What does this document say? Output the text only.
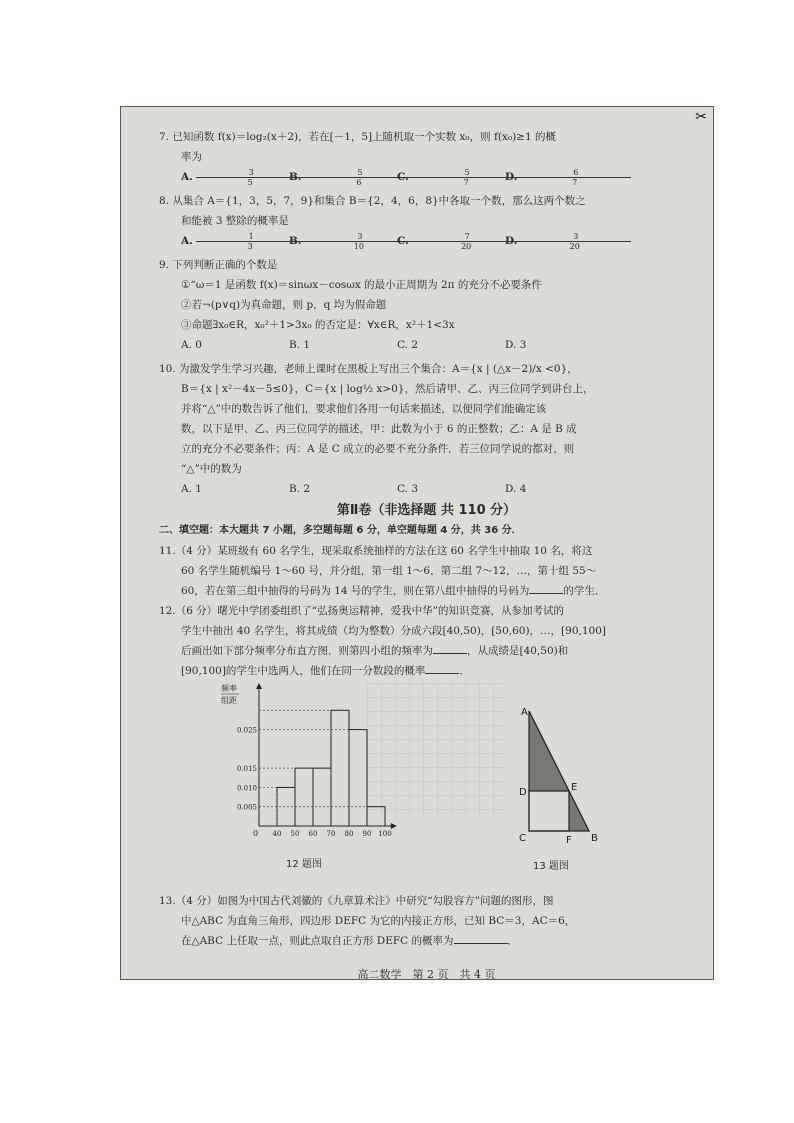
✂
7. 已知函数 f(x)＝log₂(x＋2)，若在[－1，5]上随机取一个实数 x₀，则 f(x₀)≥1 的概
率为
A. $\frac{3}{5}$
B. $\frac{5}{6}$
C. $\frac{5}{7}$
D. $\frac{6}{7}$
8. 从集合 A＝{1，3，5，7，9}和集合 B＝{2，4，6，8}中各取一个数，那么这两个数之
和能被 3 整除的概率是
A. $\frac{1}{3}$
B. $\frac{3}{10}$
C. $\frac{7}{20}$
D. $\frac{3}{20}$
9. 下列判断正确的个数是
①“ω＝1 是函数 f(x)＝sinωx－cosωx 的最小正周期为 2π 的充分不必要条件
②若¬(p∨q)为真命题，则 p，q 均为假命题
③命题∃x₀∈R，x₀²＋1>3x₀ 的否定是：∀x∈R，x²＋1<3x
A. 0	B. 1	C. 2	D. 3
10. 为激发学生学习兴趣，老师上课时在黑板上写出三个集合：A＝{x | (△x－2)/x <0}，
B＝{x | x²－4x－5≤0}，C＝{x | log½ x>0}，然后请甲、乙、丙三位同学到讲台上，
并将“△”中的数告诉了他们，要求他们各用一句话来描述，以便同学们能确定该
数，以下是甲、乙、丙三位同学的描述，甲：此数为小于 6 的正整数；乙：A 是 B 成
立的充分不必要条件；丙：A 是 C 成立的必要不充分条件．若三位同学说的都对，则
“△”中的数为
A. 1	B. 2	C. 3	D. 4
第Ⅱ卷（非选择题 共 110 分）
二、填空题：本大题共 7 小题，多空题每题 6 分，单空题每题 4 分，共 36 分．
11.（4 分）某班级有 60 名学生，现采取系统抽样的方法在这 60 名学生中抽取 10 名，将这
60 名学生随机编号 1～60 号，并分组，第一组 1～6，第二组 7～12，…，第十组 55～
60，若在第三组中抽得的号码为 14 号的学生，则在第八组中抽得的号码为	的学生．
12.（6 分）曙光中学团委组织了“弘扬奥运精神，爱我中华”的知识竞赛，从参加考试的
学生中抽出 40 名学生，将其成绩（均为整数）分成六段[40,50)，[50,60)，…，[90,100]
后画出如下部分频率分布直方图．则第四小组的频率为	，从成绩是[40,50)和
[90,100]的学生中选两人，他们在同一分数段的概率	．
频率
组距
0.005
0.010
0.015
0.025
40 50 60 70 80 90 100
0
12 题图
A
B
C
D	E
F
13 题图
13.（4 分）如图为中国古代刘徽的《九章算术注》中研究“勾股容方”问题的图形，图
中△ABC 为直角三角形，四边形 DEFC 为它的内接正方形，已知 BC＝3，AC＝6，
在△ABC 上任取一点，则此点取自正方形 DEFC 的概率为	．
高二数学　第 2 页　共 4 页
